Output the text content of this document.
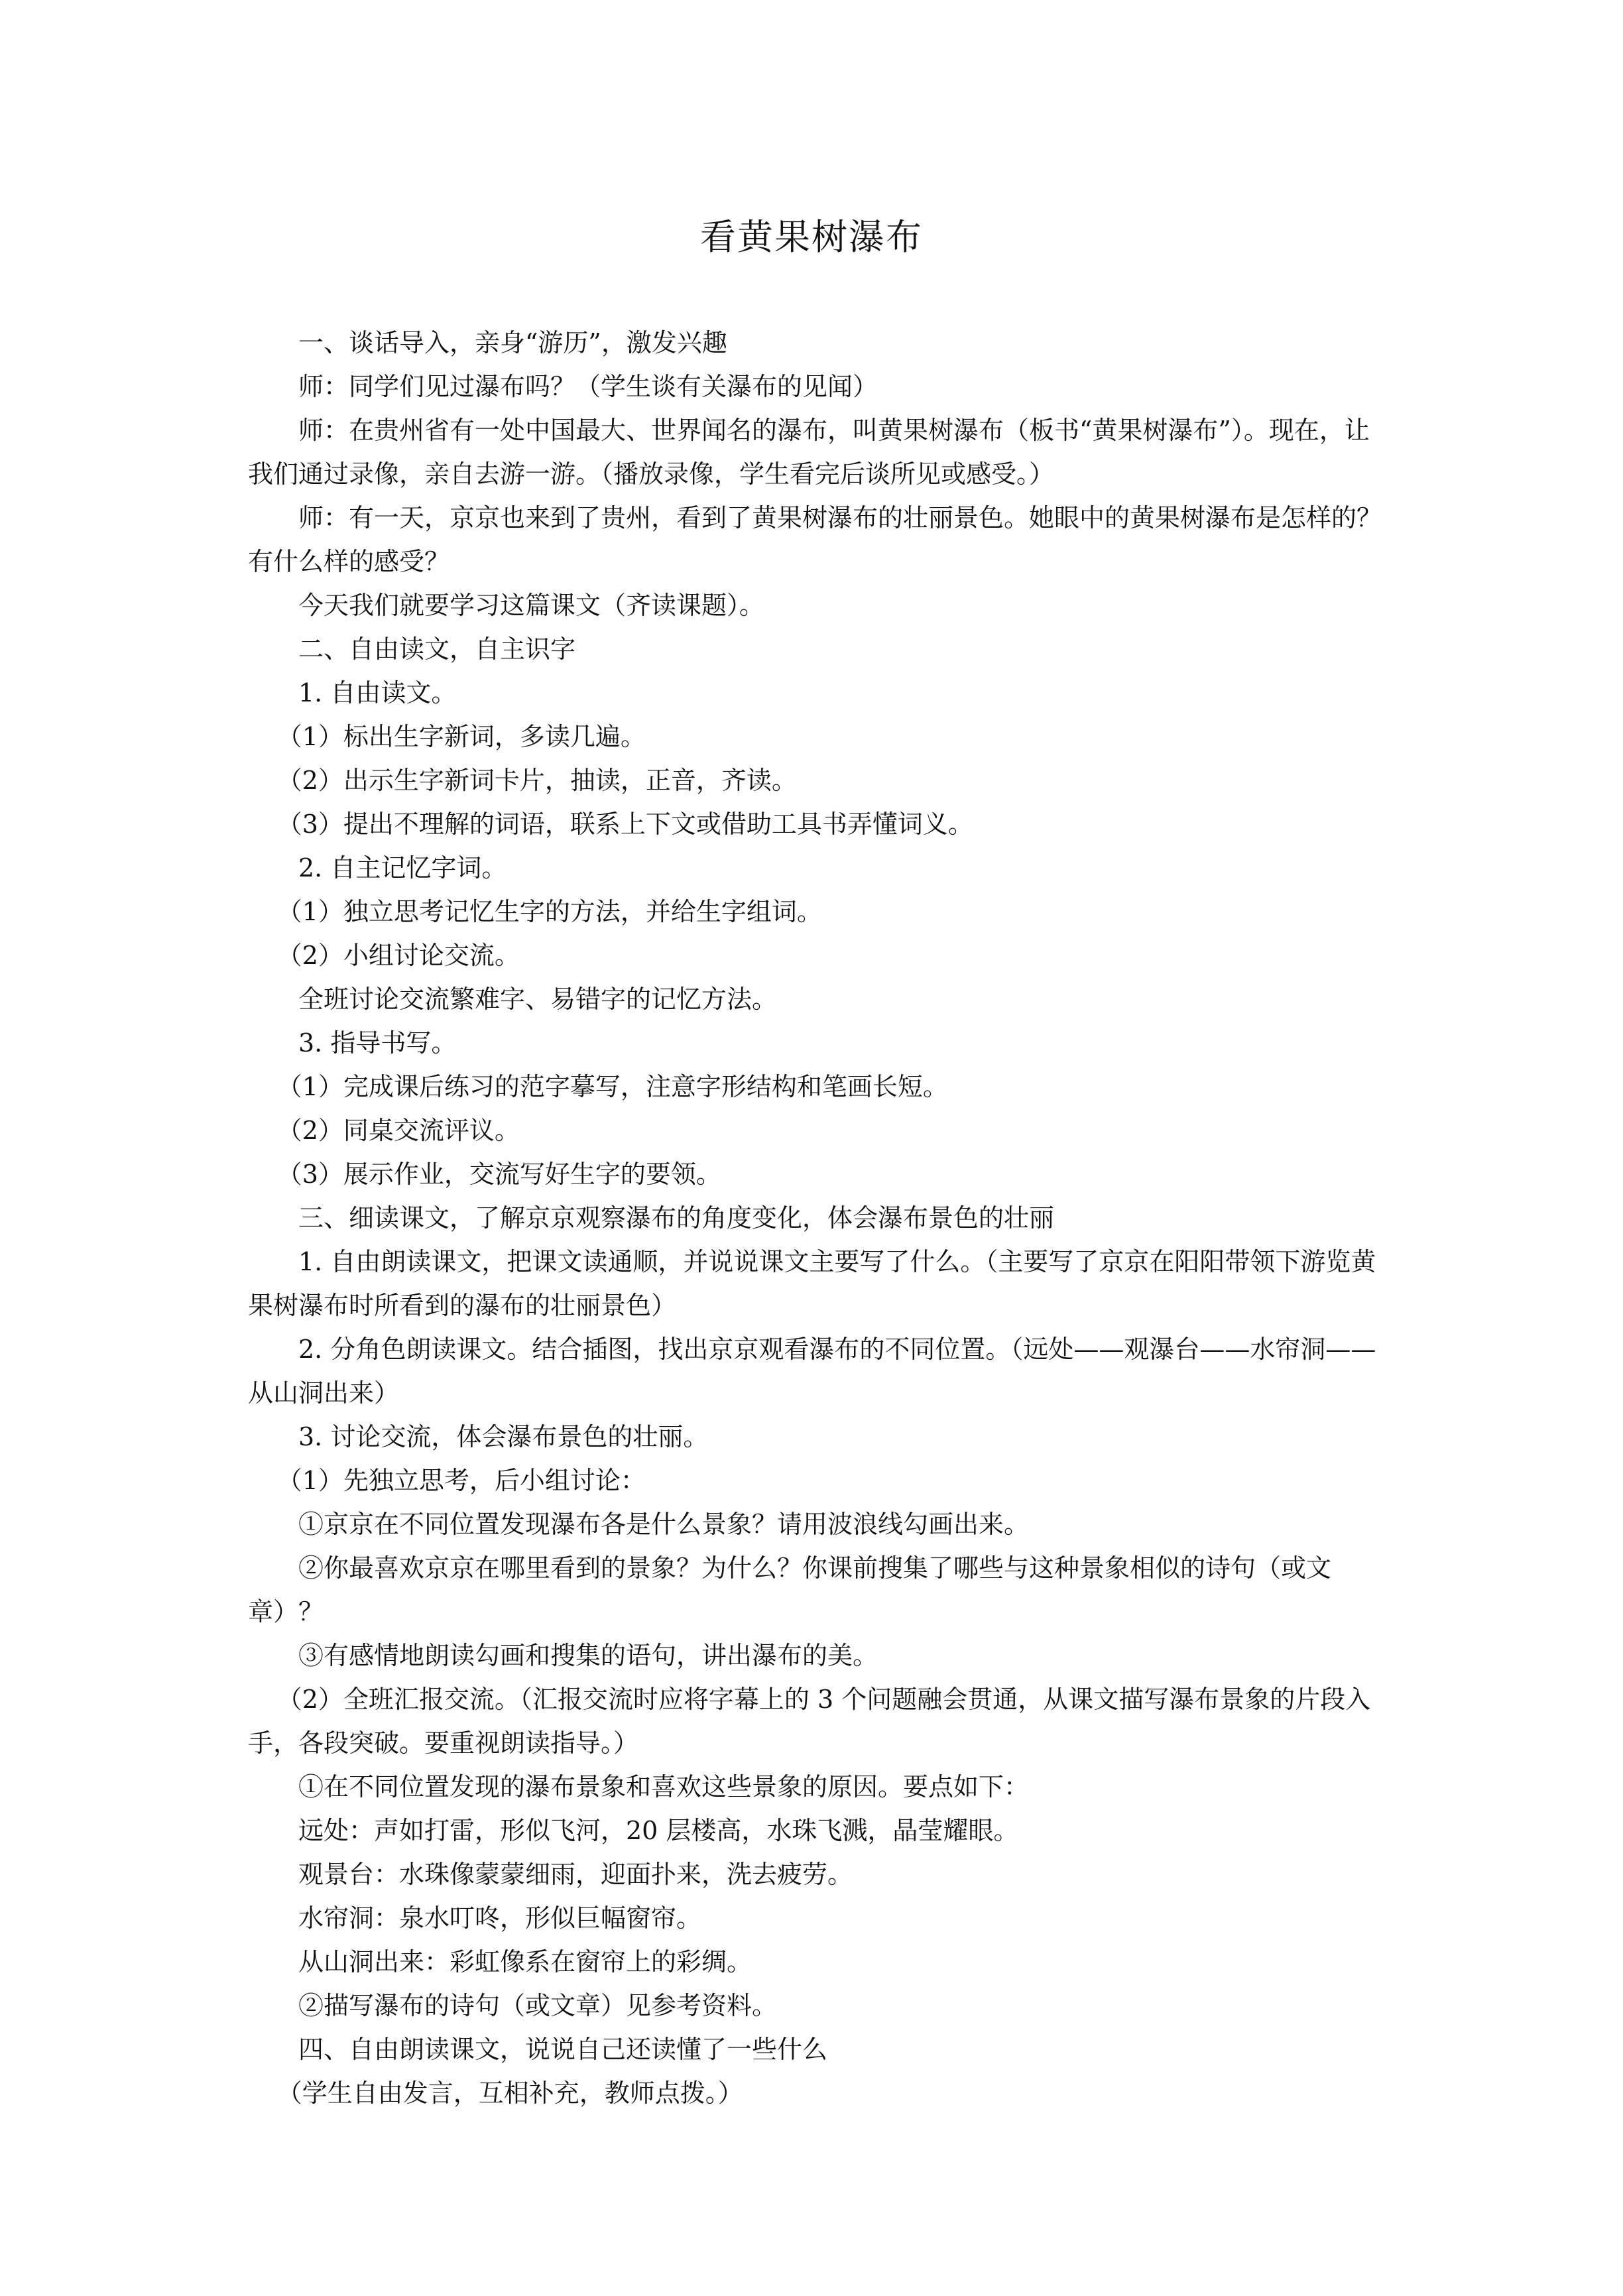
看黄果树瀑布

一、谈话导入，亲身“游历”，激发兴趣

师：同学们见过瀑布吗？（学生谈有关瀑布的见闻）

师：在贵州省有一处中国最大、世界闻名的瀑布，叫黄果树瀑布（板书“黄果树瀑布”）。现在，让我们通过录像，亲自去游一游。（播放录像，学生看完后谈所见或感受。）

师：有一天，京京也来到了贵州，看到了黄果树瀑布的壮丽景色。她眼中的黄果树瀑布是怎样的？有什么样的感受？

今天我们就要学习这篇课文（齐读课题）。

二、自由读文，自主识字

1. 自由读文。

（1）标出生字新词，多读几遍。

（2）出示生字新词卡片，抽读，正音，齐读。

（3）提出不理解的词语，联系上下文或借助工具书弄懂词义。

2. 自主记忆字词。

（1）独立思考记忆生字的方法，并给生字组词。

（2）小组讨论交流。

全班讨论交流繁难字、易错字的记忆方法。

3. 指导书写。

（1）完成课后练习的范字摹写，注意字形结构和笔画长短。

（2）同桌交流评议。

（3）展示作业，交流写好生字的要领。

三、细读课文，了解京京观察瀑布的角度变化，体会瀑布景色的壮丽

1. 自由朗读课文，把课文读通顺，并说说课文主要写了什么。（主要写了京京在阳阳带领下游览黄果树瀑布时所看到的瀑布的壮丽景色）

2. 分角色朗读课文。结合插图，找出京京观看瀑布的不同位置。（远处——观瀑台——水帘洞——从山洞出来）

3. 讨论交流，体会瀑布景色的壮丽。

（1）先独立思考，后小组讨论：

①京京在不同位置发现瀑布各是什么景象？请用波浪线勾画出来。

②你最喜欢京京在哪里看到的景象？为什么？你课前搜集了哪些与这种景象相似的诗句（或文章）？

③有感情地朗读勾画和搜集的语句，讲出瀑布的美。

（2）全班汇报交流。（汇报交流时应将字幕上的 3 个问题融会贯通，从课文描写瀑布景象的片段入手，各段突破。要重视朗读指导。）

①在不同位置发现的瀑布景象和喜欢这些景象的原因。要点如下：

远处：声如打雷，形似飞河，20 层楼高，水珠飞溅，晶莹耀眼。

观景台：水珠像蒙蒙细雨，迎面扑来，洗去疲劳。

水帘洞：泉水叮咚，形似巨幅窗帘。

从山洞出来：彩虹像系在窗帘上的彩绸。

②描写瀑布的诗句（或文章）见参考资料。

四、自由朗读课文，说说自己还读懂了一些什么

（学生自由发言，互相补充，教师点拨。）
